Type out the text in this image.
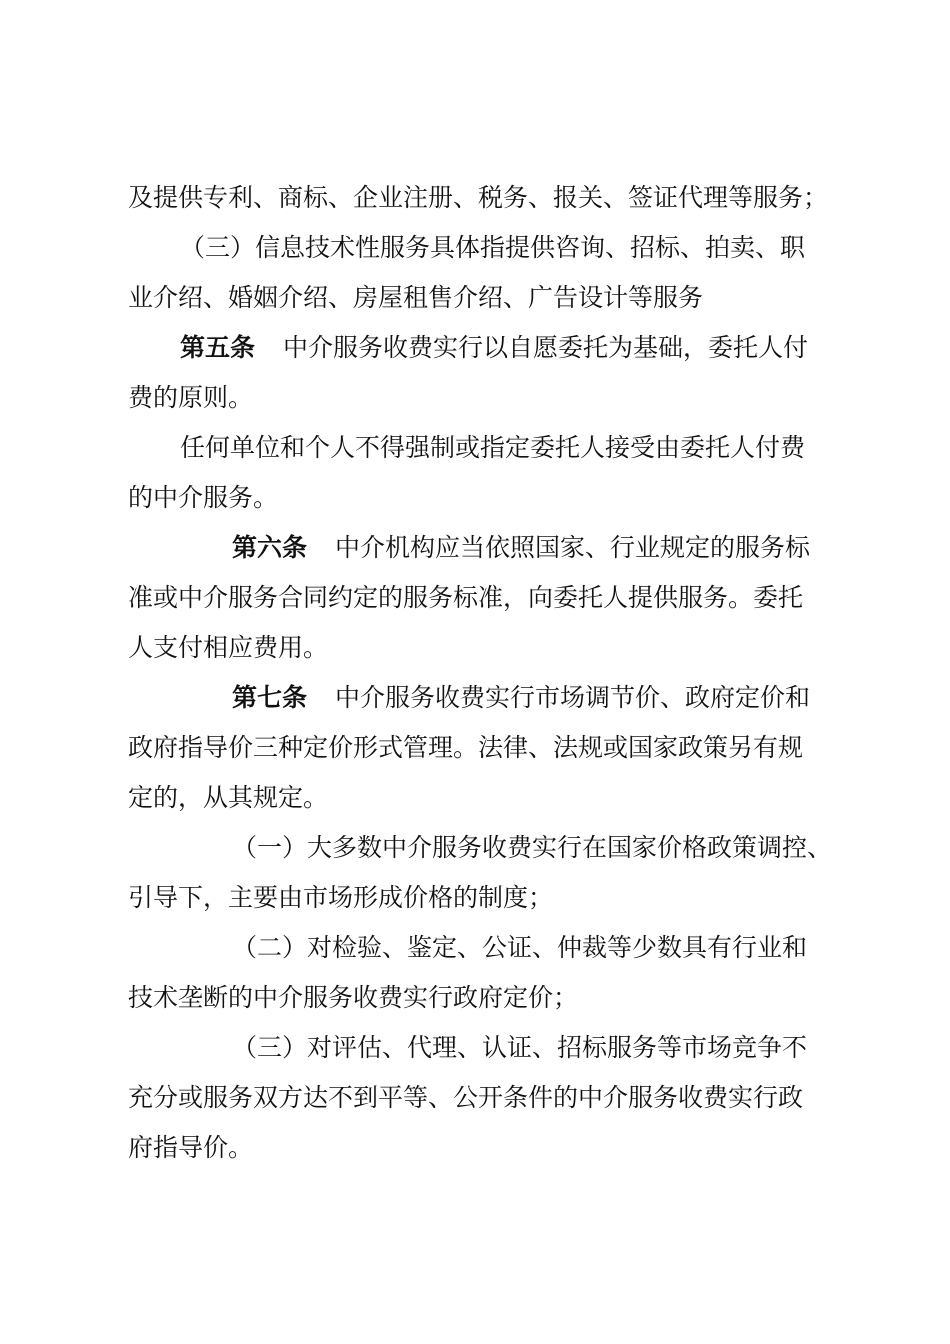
及提供专利、商标、企业注册、税务、报关、签证代理等服务；
（三）信息技术性服务具体指提供咨询、招标、拍卖、职
业介绍、婚姻介绍、房屋租售介绍、广告设计等服务
第五条 中介服务收费实行以自愿委托为基础，委托人付
费的原则。
任何单位和个人不得强制或指定委托人接受由委托人付费
的中介服务。
第六条 中介机构应当依照国家、行业规定的服务标
准或中介服务合同约定的服务标准，向委托人提供服务。委托
人支付相应费用。
第七条 中介服务收费实行市场调节价、政府定价和
政府指导价三种定价形式管理。法律、法规或国家政策另有规
定的，从其规定。
（一）大多数中介服务收费实行在国家价格政策调控、
引导下，主要由市场形成价格的制度；
（二）对检验、鉴定、公证、仲裁等少数具有行业和
技术垄断的中介服务收费实行政府定价；
（三）对评估、代理、认证、招标服务等市场竞争不
充分或服务双方达不到平等、公开条件的中介服务收费实行政
府指导价。
